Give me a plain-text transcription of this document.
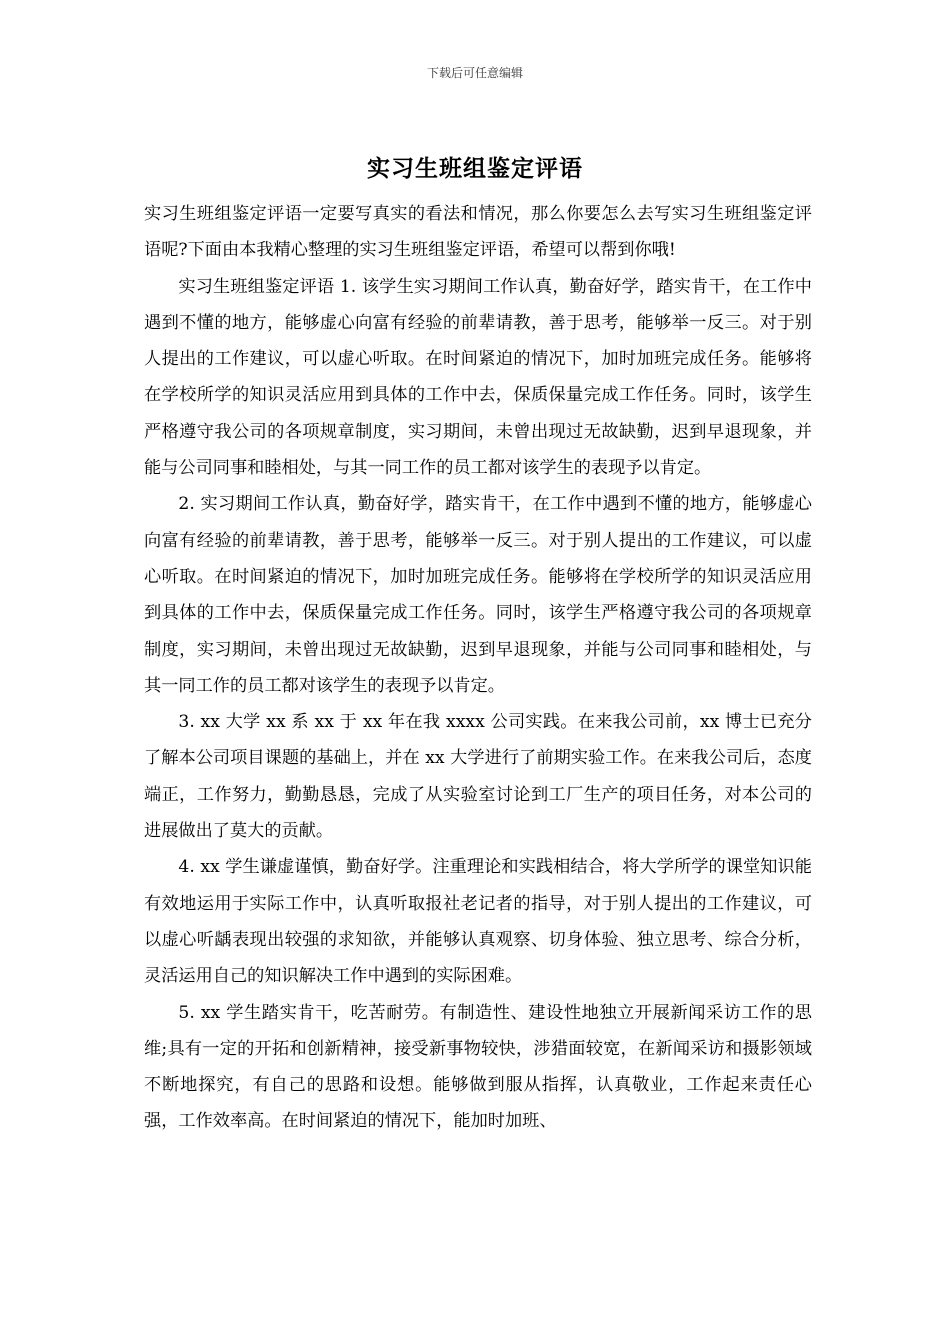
下载后可任意编辑
实习生班组鉴定评语

实习生班组鉴定评语一定要写真实的看法和情况，那么你要怎么去写实习生班组鉴定评语呢?下面由本我精心整理的实习生班组鉴定评语，希望可以帮到你哦!

实习生班组鉴定评语 1. 该学生实习期间工作认真，勤奋好学，踏实肯干，在工作中遇到不懂的地方，能够虚心向富有经验的前辈请教，善于思考，能够举一反三。对于别人提出的工作建议，可以虚心听取。在时间紧迫的情况下，加时加班完成任务。能够将在学校所学的知识灵活应用到具体的工作中去，保质保量完成工作任务。同时，该学生严格遵守我公司的各项规章制度，实习期间，未曾出现过无故缺勤，迟到早退现象，并能与公司同事和睦相处，与其一同工作的员工都对该学生的表现予以肯定。

2. 实习期间工作认真，勤奋好学，踏实肯干，在工作中遇到不懂的地方，能够虚心向富有经验的前辈请教，善于思考，能够举一反三。对于别人提出的工作建议，可以虚心听取。在时间紧迫的情况下，加时加班完成任务。能够将在学校所学的知识灵活应用到具体的工作中去，保质保量完成工作任务。同时，该学生严格遵守我公司的各项规章制度，实习期间，未曾出现过无故缺勤，迟到早退现象，并能与公司同事和睦相处，与其一同工作的员工都对该学生的表现予以肯定。

3. xx 大学 xx 系 xx 于 xx 年在我 xxxx 公司实践。在来我公司前，xx 博士已充分了解本公司项目课题的基础上，并在 xx 大学进行了前期实验工作。在来我公司后，态度端正，工作努力，勤勤恳恳，完成了从实验室讨论到工厂生产的项目任务，对本公司的进展做出了莫大的贡献。

4. xx 学生谦虚谨慎，勤奋好学。注重理论和实践相结合，将大学所学的课堂知识能有效地运用于实际工作中，认真听取报社老记者的指导，对于别人提出的工作建议，可以虚心听龋表现出较强的求知欲，并能够认真观察、切身体验、独立思考、综合分析，灵活运用自己的知识解决工作中遇到的实际困难。

5. xx 学生踏实肯干，吃苦耐劳。有制造性、建设性地独立开展新闻采访工作的思维;具有一定的开拓和创新精神，接受新事物较快，涉猎面较宽，在新闻采访和摄影领域不断地探究，有自己的思路和设想。能够做到服从指挥，认真敬业，工作起来责任心强，工作效率高。在时间紧迫的情况下，能加时加班、
